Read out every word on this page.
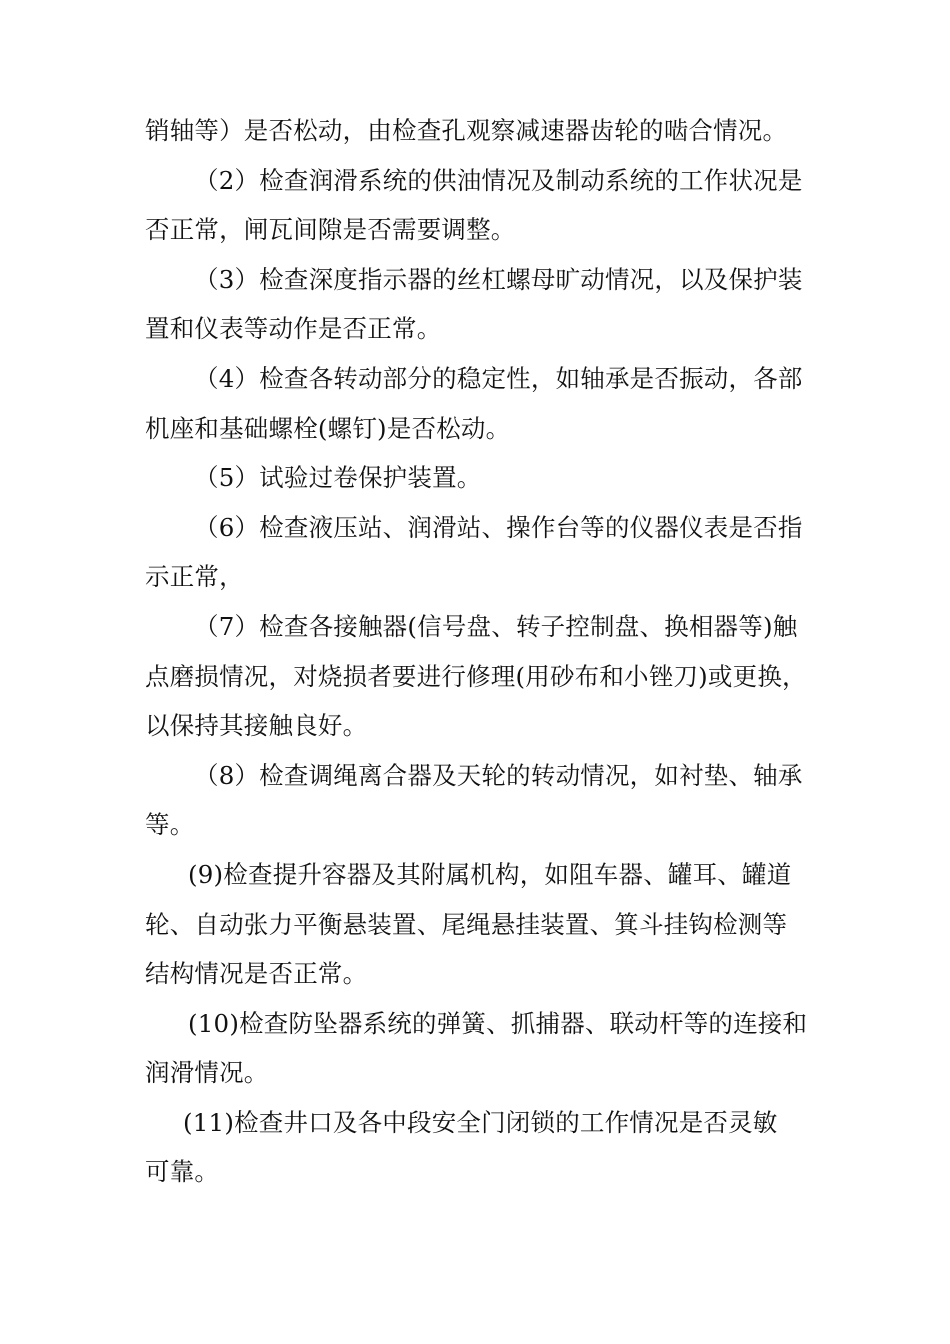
销轴等）是否松动，由检查孔观察减速器齿轮的啮合情况。
（2）检查润滑系统的供油情况及制动系统的工作状况是
否正常，闸瓦间隙是否需要调整。
（3）检查深度指示器的丝杠螺母旷动情况，以及保护装
置和仪表等动作是否正常。
（4）检查各转动部分的稳定性，如轴承是否振动，各部
机座和基础螺栓(螺钉)是否松动。
（5）试验过卷保护装置。
（6）检查液压站、润滑站、操作台等的仪器仪表是否指
示正常，
（7）检查各接触器(信号盘、转子控制盘、换相器等)触
点磨损情况，对烧损者要进行修理(用砂布和小锉刀)或更换，
以保持其接触良好。
（8）检查调绳离合器及天轮的转动情况，如衬垫、轴承
等。
(9)检查提升容器及其附属机构，如阻车器、罐耳、罐道
轮、自动张力平衡悬装置、尾绳悬挂装置、箕斗挂钩检测等
结构情况是否正常。
(10)检查防坠器系统的弹簧、抓捕器、联动杆等的连接和
润滑情况。
(11)检查井口及各中段安全门闭锁的工作情况是否灵敏
可靠。
